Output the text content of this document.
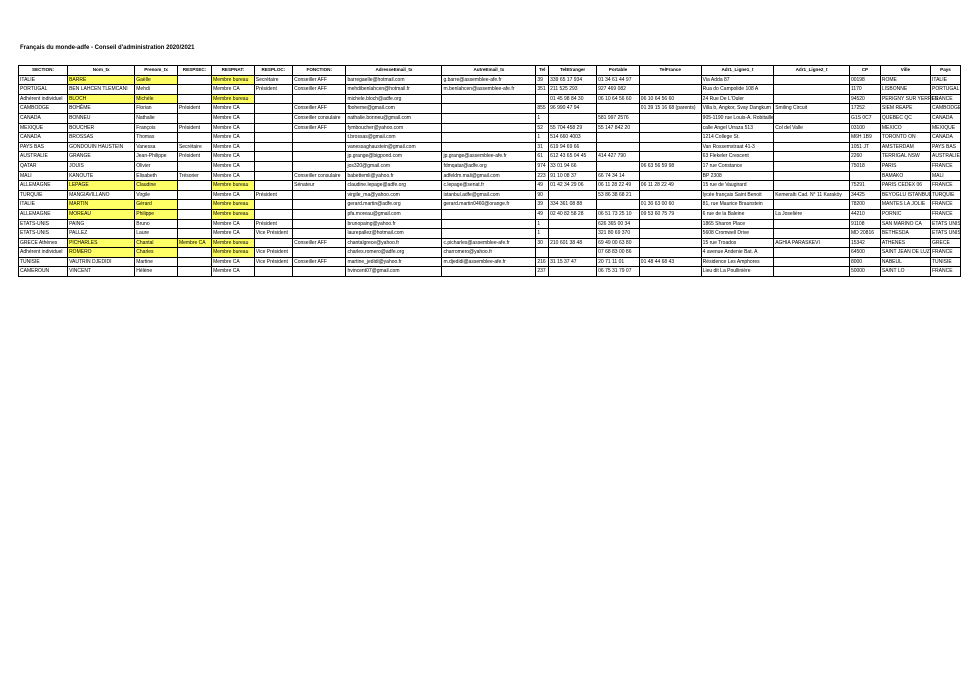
Français du monde-adfe - Conseil d'administration 2020/2021
SECTION:	Nom_tx	Prenom_tx	RESPSEC:	RESPNAT:	RESPLOC:	FONCTION:	AdresseEmail_tx	AutreEmail_tx	Tel	TelEtranger	Portable	TelFrance	Adr1_Ligne1_t	Adr1_Ligne2_t	CP	Ville	Pays
ITALIE	BARRE	Gaëlle		Membre bureau	Secrétaire	Conseiller AFF	barregaelle@hotmail.com	g.barre@assemblee-afe.fr	39	339 65 17 934	01 34 61 44 97		Via Adda 87		00198	ROME	ITALIE
PORTUGAL	BEN LAHCEN TLEMCANI	Mehdi		Membre CA	Président	Conseiller AFF	mehdibenlahcen@hotmail.fr	m.benlahcen@assemblee-afe.fr	351	211 525 293	927 469 082		Rua do Campolide 108 A		1170	LISBONNE	PORTUGAL
Adhérent individuel	BLOCH	Michèle		Membre bureau			michele.bloch@adfe.org			01 45 98 84 30	06 10 64 56 60	06 10 64 56 60	24 Rue De L'Ouler		94520	PERIGNY SUR YERRES	FRANCE
CAMBODGE	BOHÊME	Florian	Président	Membre CA		Conseiller AFF	fboheme@gmail.com		855	96 990 47 94		01 39 15 16 68 (parents)	Villa b, Angkor, Svay Dangkum	Smiling Circuit	17252	SIEM REAPE	CAMBODGE
CANADA	BONNEU	Nathalie		Membre CA		Conseiller consulaire	nathalie.bonneu@gmail.com		1		581 997 2576		905-1190 rue Louis-A. Robitaille		G1S 0C7	QUEBEC QC	CANADA
MEXIQUE	BOUCHER	François	Président	Membre CA		Conseiller AFF	fymboucher@yahoo.com		52	55 704 458 29	55 147 842 20		calle Angel Urraza 513	Col del Valle	03100	MEXICO	MEXIQUE
CANADA	BROSSAS	Thomas		Membre CA			t.brossas@gmail.com		1	514 660 4003			1214 College St.		M6H 1B9	TORONTO ON	CANADA
PAYS BAS	GONDOUIN HAUSTEIN	Vanessa	Secrétaire	Membre CA			vanessaghaustein@gmail.com		31	619 94 69 66			Van Rossemstraat 41-3		1051 JT	AMSTERDAM	PAYS BAS
AUSTRALIE	GRANGE	Jean-Philippe	Président	Membre CA			jp.grange@bigpond.com	jp.grange@assemblee-afe.fr	61	612 43 65 04 45	414 427 790		63 Flekeler Crescent		2260	TERRIGAL NSW	AUSTRALIE
QATAR	JOUIS	Olivier		Membre CA			jos320@gmail.com	fdmqatar@adfe.org	974	33 01 94 66		06 63 56 59 98	17 rue Constance		75018	PARIS	FRANCE
MALI	KANOUTE	Elisabeth	Trésorier	Membre CA		Conseiller consulaire	babettemli@yahoo.fr	adfeldm.mali@gmail.com	223	91 10 08 37	66 74 34 14		BP 2308			BAMAKO	MALI
ALLEMAGNE	LEPAGE	Claudine		Membre bureau		Sénateur	claudine.lepage@adfe.org	c.lepage@senat.fr	49	01 42 34 29 06	06 11 28 22 49	06 11 28 22 49	15 rue de Vaugirard		75291	PARIS CEDEX 06	FRANCE
TURQUIE	MANGIAVILLANO	Virgile		Membre CA	Président		virgile_ma@yahoo.com	istanbul.adfe@gmail.com	90		53 86 38 68 21		lycée français Saint Benoit	Kemeraltı Cad. N° 11 Karaköy	34425	BEYOGLU ISTANBUL	TURQUIE
ITALIE	MARTIN	Gérard		Membre bureau			gerard.martin@adfe.org	gerard.martin0460@orange.fr	39	334 361 08 88		01 30 63 00 60	81, rue Maurice Braunstein		78200	MANTES LA JOLIE	FRANCE
ALLEMAGNE	MOREAU	Philippe		Membre bureau			pfa.moreau@gmail.com		49	02 40 82 58 28	06 51 73 25 10	09 53 60 75 79	6 rue de la Baleine	La Joselière	44210	PORNIC	FRANCE
ETATS-UNIS	PAING	Bruno		Membre CA	Président		brunopaing@yahoo.fr		1		626 365 00 34		1865 Sharon Place		91108	SAN MARINO CA	ETATS UNIS
ETATS-UNIS	PALLEZ	Laure		Membre CA	Vice Président		laurepallez@hotmail.com		1		321 80 69 370		5608 Cromwell Drive		MD 20816	BETHESDA	ETATS UNIS
GRECE Athènes	PICHARLES	Chantal	Membre CA	Membre bureau		Conseiller AFF	chantalgrece@yahoo.fr	c.picharles@assemblee-afe.fr	30	210 601 38 48	69 49 00 63 80		15 rue Troados	AGHIA PARASKEVI	15342	ATHENES	GRECE
Adhérent individuel	ROMERO	Charles		Membre bureau	Vice Président		charles.romero@adfe.org	charromero@yahoo.fr			07 68 83 00 86		4 avenue Andenie Bat. A		64500	SAINT JEAN DE LUZ	FRANCE
TUNISIE	VAUTRIN DJEDIDI	Martine		Membre CA	Vice Président	Conseiller AFF	martine_jedidi@yahoo.fr	m.djedidi@assemblee-afe.fr	216	31 15 37 47	20 71 11 01	01 48 44 68 43	Résidence Les Amphores		8000	NABEUL	TUNISIE
CAMEROUN	VINCENT	Hélène		Membre CA			hvincent07@gmail.com		237		06 75 31 79 07		Lieu dit La Poullinière		50000	SAINT LO	FRANCE
